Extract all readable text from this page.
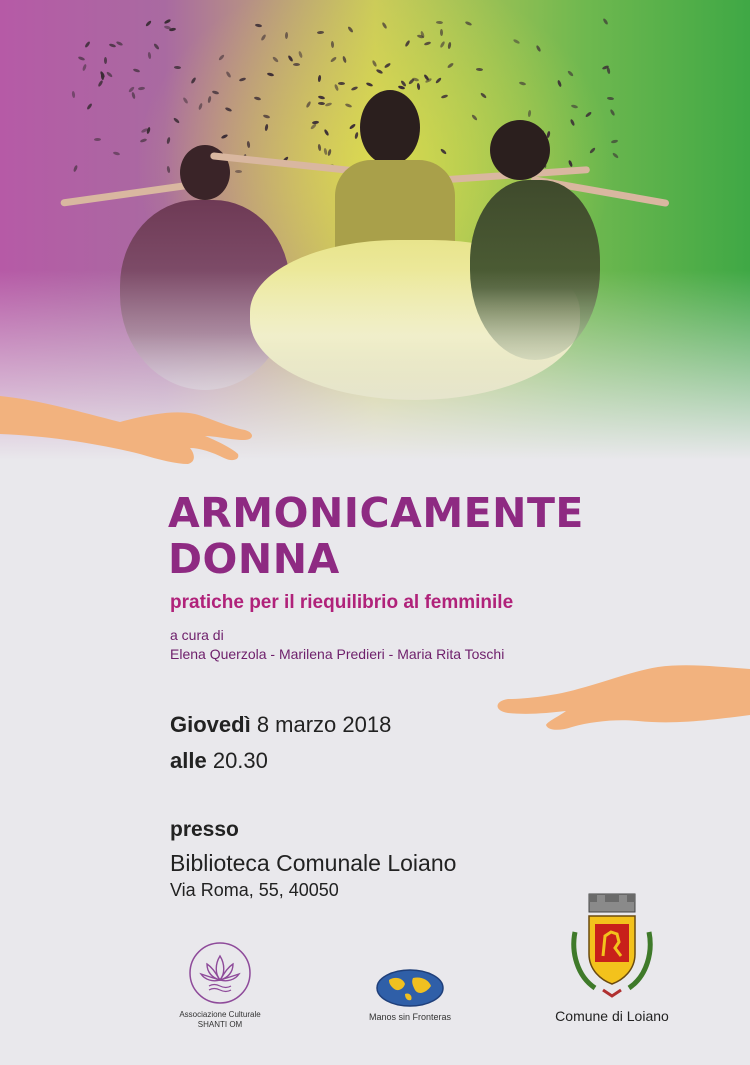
ARMONICAMENTE
DONNA
pratiche per il riequilibrio al femminile
a cura di
Elena Querzola - Marilena Predieri - Maria Rita Toschi
Giovedì 8 marzo 2018
alle 20.30
presso
Biblioteca Comunale Loiano
Via Roma, 55, 40050
Associazione Culturale
SHANTI OM
Manos sin Fronteras	Comune di Loiano
